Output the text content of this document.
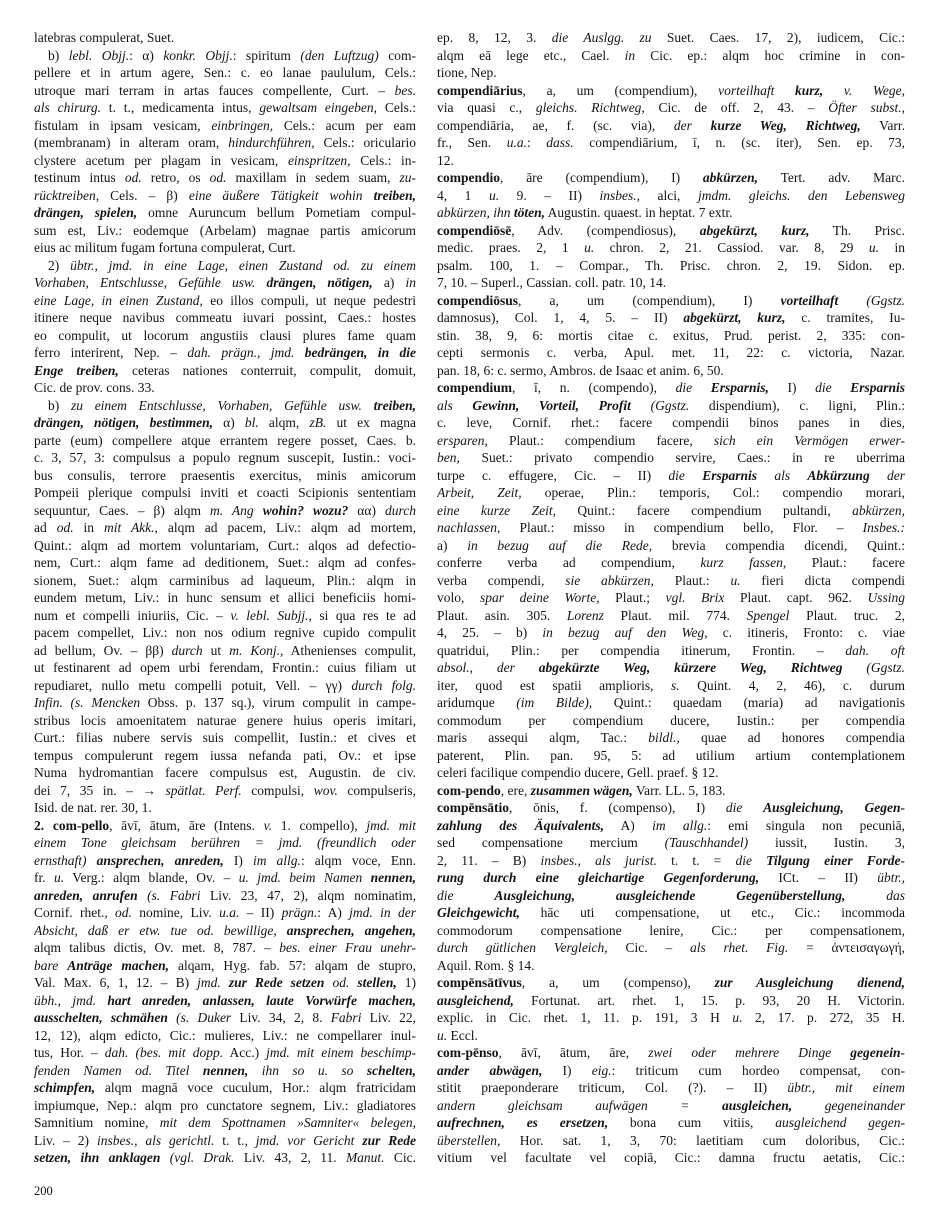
latebras compulerat, Suet.
b) lebl. Objj.: α) konkr. Objj.: spiritum (den Luftzug) com-
pellere et in artum agere, Sen.: c. eo lanae paululum, Cels.:
utroque mari terram in artas fauces compellente, Curt. – bes.
als chirurg. t. t., medicamenta intus, gewaltsam eingeben, Cels.:
fistulam in ipsam vesicam, einbringen, Cels.: acum per eam
(membranam) in alteram oram, hindurchführen, Cels.: oriculario
clystere acetum per plagam in vesicam, einspritzen, Cels.: in-
testinum intus od. retro, os od. maxillam in sedem suam, zu-
rücktreiben, Cels. – β) eine äußere Tätigkeit wohin treiben,
drängen, spielen, omne Auruncum bellum Pometiam compul-
sum est, Liv.: eodemque (Arbelam) magnae partis amicorum
eius ac militum fugam fortuna compulerat, Curt.
2) übtr., jmd. in eine Lage, einen Zustand od. zu einem
Vorhaben, Entschlusse, Gefühle usw. drängen, nötigen, a) in
eine Lage, in einen Zustand, eo illos compuli, ut neque pedestri
itinere neque navibus commeatu iuvari possint, Caes.: hostes
eo compulit, ut locorum angustiis clausi plures fame quam
ferro interirent, Nep. – dah. prägn., jmd. bedrängen, in die
Enge treiben, ceteras nationes conterruit, compulit, domuit,
Cic. de prov. cons. 33.
b) zu einem Entschlusse, Vorhaben, Gefühle usw. treiben,
drängen, nötigen, bestimmen, α) bl. alqm, zB. ut ex magna
parte (eum) compellere atque errantem regere posset, Caes. b.
c. 3, 57, 3: compulsus a populo regnum suscepit, Iustin.: voci-
bus consulis, terrore praesentis exercitus, minis amicorum
Pompeii plerique compulsi inviti et coacti Scipionis sententiam
sequuntur, Caes. – β) alqm m. Ang wohin? wozu? αα) durch
ad od. in mit Akk., alqm ad pacem, Liv.: alqm ad mortem,
Quint.: alqm ad mortem voluntariam, Curt.: alqos ad defectio-
nem, Curt.: alqm fame ad deditionem, Suet.: alqm ad confes-
sionem, Suet.: alqm carminibus ad laqueum, Plin.: alqm in
eundem metum, Liv.: in hunc sensum et allici beneficiis homi-
num et compelli iniuriis, Cic. – v. lebl. Subjj., si qua res te ad
pacem compellet, Liv.: non nos odium regnive cupido compulit
ad bellum, Ov. – ββ) durch ut m. Konj., Athenienses compulit,
ut festinarent ad opem urbi ferendam, Frontin.: cuius filiam ut
repudiaret, nullo metu compelli potuit, Vell. – γγ) durch folg.
Infin. (s. Mencken Obss. p. 137 sq.), virum compulit in campe-
stribus locis amoenitatem naturae genere huius operis imitari,
Curt.: filias nubere servis suis compellit, Iustin.: et cives et
tempus compulerunt regem iussa nefanda pati, Ov.: et ipse
Numa hydromantian facere compulsus est, Augustin. de civ.
dei 7, 35 in. – → spätlat. Perf. compulsi, wov. compulseris,
Isid. de nat. rer. 30, 1.
2. com-pello, āvī, ātum, āre (Intens. v. 1. compello), jmd. mit
einem Tone gleichsam berühren = jmd. (freundlich oder
ernsthaft) ansprechen, anreden, I) im allg.: alqm voce, Enn.
fr. u. Verg.: alqm blande, Ov. – u. jmd. beim Namen nennen,
anreden, anrufen (s. Fabri Liv. 23, 47, 2), alqm nominatim,
Cornif. rhet., od. nomine, Liv. u.a. – II) prägn.: A) jmd. in der
Absicht, daß er etw. tue od. bewillige, ansprechen, angehen,
alqm talibus dictis, Ov. met. 8, 787. – bes. einer Frau unehr-
bare Anträge machen, alqam, Hyg. fab. 57: alqam de stupro,
Val. Max. 6, 1, 12. – B) jmd. zur Rede setzen od. stellen, 1)
übh., jmd. hart anreden, anlassen, laute Vorwürfe machen,
ausschelten, schmähen (s. Duker Liv. 34, 2, 8. Fabri Liv. 22,
12, 12), alqm edicto, Cic.: mulieres, Liv.: ne compellarer inul-
tus, Hor. – dah. (bes. mit dopp. Acc.) jmd. mit einem beschimp-
fenden Namen od. Titel nennen, ihn so u. so schelten,
schimpfen, alqm magnā voce cuculum, Hor.: alqm fratricidam
impiumque, Nep.: alqm pro cunctatore segnem, Liv.: gladiatores
Samnitium nomine, mit dem Spottnamen »Samniter« belegen,
Liv. – 2) insbes., als gerichtl. t. t., jmd. vor Gericht zur Rede
setzen, ihn anklagen (vgl. Drak. Liv. 43, 2, 11. Manut. Cic.
ep. 8, 12, 3. die Auslgg. zu Suet. Caes. 17, 2), iudicem, Cic.:
alqm eā lege etc., Cael. in Cic. ep.: alqm hoc crimine in con-
tione, Nep.
compendiārius, a, um (compendium), vorteilhaft kurz, v. Wege,
via quasi c., gleichs. Richtweg, Cic. de off. 2, 43. – Öfter subst.,
compendiāria, ae, f. (sc. via), der kurze Weg, Richtweg, Varr.
fr., Sen. u.a.: dass. compendiārium, ī, n. (sc. iter), Sen. ep. 73,
12.
compendio, āre (compendium), I) abkürzen, Tert. adv. Marc.
4, 1 u. 9. – II) insbes., alci, jmdm. gleichs. den Lebensweg
abkürzen, ihn töten, Augustin. quaest. in heptat. 7 extr.
compendiōsē, Adv. (compendiosus), abgekürzt, kurz, Th. Prisc.
medic. praes. 2, 1 u. chron. 2, 21. Cassiod. var. 8, 29 u. in
psalm. 100, 1. – Compar., Th. Prisc. chron. 2, 19. Sidon. ep.
7, 10. – Superl., Cassian. coll. patr. 10, 14.
compendiōsus, a, um (compendium), I) vorteilhaft (Ggstz.
damnosus), Col. 1, 4, 5. – II) abgekürzt, kurz, c. tramites, Iu-
stin. 38, 9, 6: mortis citae c. exitus, Prud. perist. 2, 335: con-
cepti sermonis c. verba, Apul. met. 11, 22: c. victoria, Nazar.
pan. 18, 6: c. sermo, Ambros. de Isaac et anim. 6, 50.
compendium, ī, n. (compendo), die Ersparnis, I) die Ersparnis
als Gewinn, Vorteil, Profit (Ggstz. dispendium), c. ligni, Plin.:
c. leve, Cornif. rhet.: facere compendii binos panes in dies,
ersparen, Plaut.: compendium facere, sich ein Vermögen erwer-
ben, Suet.: privato compendio servire, Caes.: in re uberrima
turpe c. effugere, Cic. – II) die Ersparnis als Abkürzung der
Arbeit, Zeit, operae, Plin.: temporis, Col.: compendio morari,
eine kurze Zeit, Quint.: facere compendium pultandi, abkürzen,
nachlassen, Plaut.: misso in compendium bello, Flor. – Insbes.:
a) in bezug auf die Rede, brevia compendia dicendi, Quint.:
conferre verba ad compendium, kurz fassen, Plaut.: facere
verba compendi, sie abkürzen, Plaut.: u. fieri dicta compendi
volo, spar deine Worte, Plaut.; vgl. Brix Plaut. capt. 962. Ussing
Plaut. asin. 305. Lorenz Plaut. mil. 774. Spengel Plaut. truc. 2,
4, 25. – b) in bezug auf den Weg, c. itineris, Fronto: c. viae
quatridui, Plin.: per compendia itinerum, Frontin. – dah. oft
absol., der abgekürzte Weg, kürzere Weg, Richtweg (Ggstz.
iter, quod est spatii amplioris, s. Quint. 4, 2, 46), c. durum
aridumque (im Bilde), Quint.: quaedam (maria) ad navigationis
commodum per compendium ducere, Iustin.: per compendia
maris assequi alqm, Tac.: bildl., quae ad honores compendia
paterent, Plin. pan. 95, 5: ad utilium artium contemplationem
celeri facilique compendio ducere, Gell. praef. § 12.
com-pendo, ere, zusammen wägen, Varr. LL. 5, 183.
compēnsātio, ōnis, f. (compenso), I) die Ausgleichung, Gegen-
zahlung des Äquivalents, A) im allg.: emi singula non pecuniā,
sed compensatione mercium (Tauschhandel) iussit, Iustin. 3,
2, 11. – B) insbes., als jurist. t. t. = die Tilgung einer Forde-
rung durch eine gleichartige Gegenforderung, ICt. – II) übtr.,
die Ausgleichung, ausgleichende Gegenüberstellung,	das
Gleichgewicht, hāc uti compensatione, ut etc., Cic.: incommoda
commodorum compensatione lenire, Cic.: per compensationem,
durch gütlichen Vergleich, Cic. – als rhet. Fig. = ἀντεισαγωγή,
Aquil. Rom. § 14.
compēnsātīvus, a, um (compenso), zur Ausgleichung dienend,
ausgleichend, Fortunat. art. rhet. 1, 15. p. 93, 20 H. Victorin.
explic. in Cic. rhet. 1, 11. p. 191, 3 H u. 2, 17. p. 272, 35 H.
u. Eccl.
com-pēnso, āvī, ātum, āre, zwei oder mehrere Dinge gegenein-
ander abwägen, I) eig.: triticum cum hordeo compensat, con-
stitit praeponderare triticum, Col. (?). – II) übtr., mit einem
andern gleichsam aufwägen = ausgleichen, gegeneinander
aufrechnen, es ersetzen, bona cum vitiis, ausgleichend gegen-
überstellen, Hor. sat. 1, 3, 70: laetitiam cum doloribus, Cic.:
vitium vel facultate vel copiā, Cic.: damna fructu aetatis, Cic.:
200
